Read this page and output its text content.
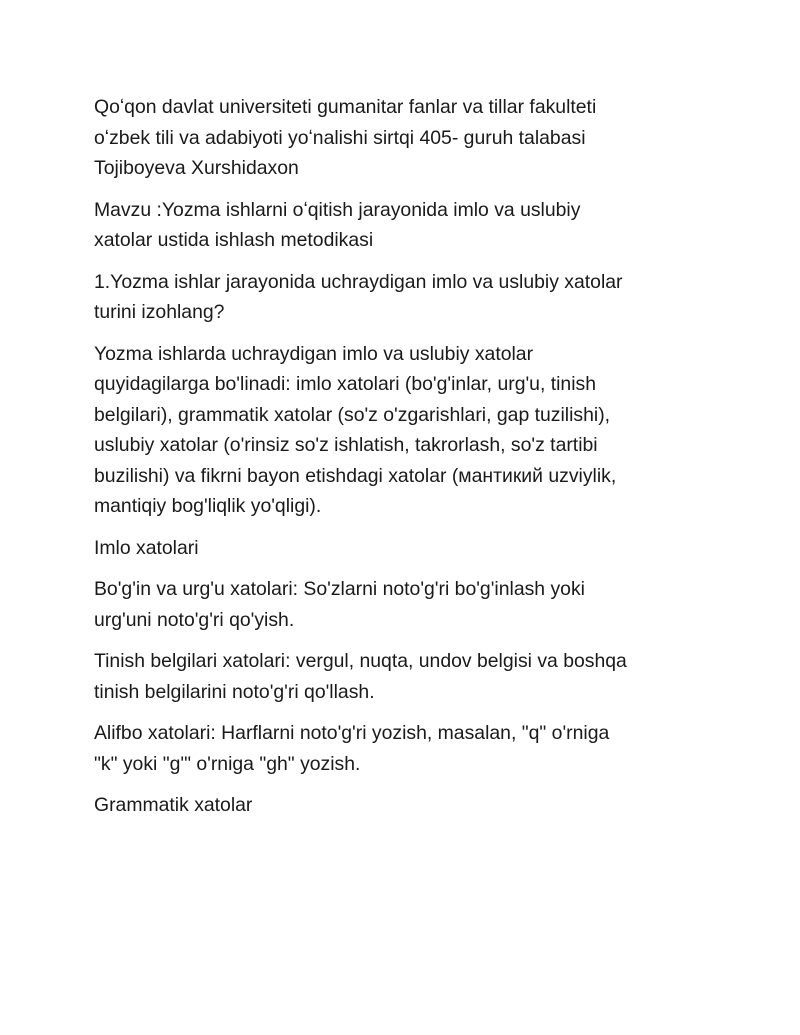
Qoʻqon davlat universiteti gumanitar fanlar va tillar fakulteti
oʻzbek tili va adabiyoti yoʻnalishi sirtqi 405- guruh talabasi
Tojiboyeva Xurshidaxon

Mavzu :Yozma ishlarni oʻqitish jarayonida imlo va uslubiy
xatolar ustida ishlash metodikasi

1.Yozma ishlar jarayonida uchraydigan imlo va uslubiy xatolar
turini izohlang?

Yozma ishlarda uchraydigan imlo va uslubiy xatolar
quyidagilarga bo'linadi: imlo xatolari (bo'g'inlar, urg'u, tinish
belgilari), grammatik xatolar (so'z o'zgarishlari, gap tuzilishi),
uslubiy xatolar (o'rinsiz so'z ishlatish, takrorlash, so'z tartibi
buzilishi) va fikrni bayon etishdagi xatolar (мантикий uzviylik,
mantiqiy bog'liqlik yo'qligi).

Imlo xatolari

Bo'g'in va urg'u xatolari: So'zlarni noto'g'ri bo'g'inlash yoki
urg'uni noto'g'ri qo'yish.

Tinish belgilari xatolari: vergul, nuqta, undov belgisi va boshqa
tinish belgilarini noto'g'ri qo'llash.

Alifbo xatolari: Harflarni noto'g'ri yozish, masalan, "q" o'rniga
"k" yoki "g'" o'rniga "gh" yozish.

Grammatik xatolar
